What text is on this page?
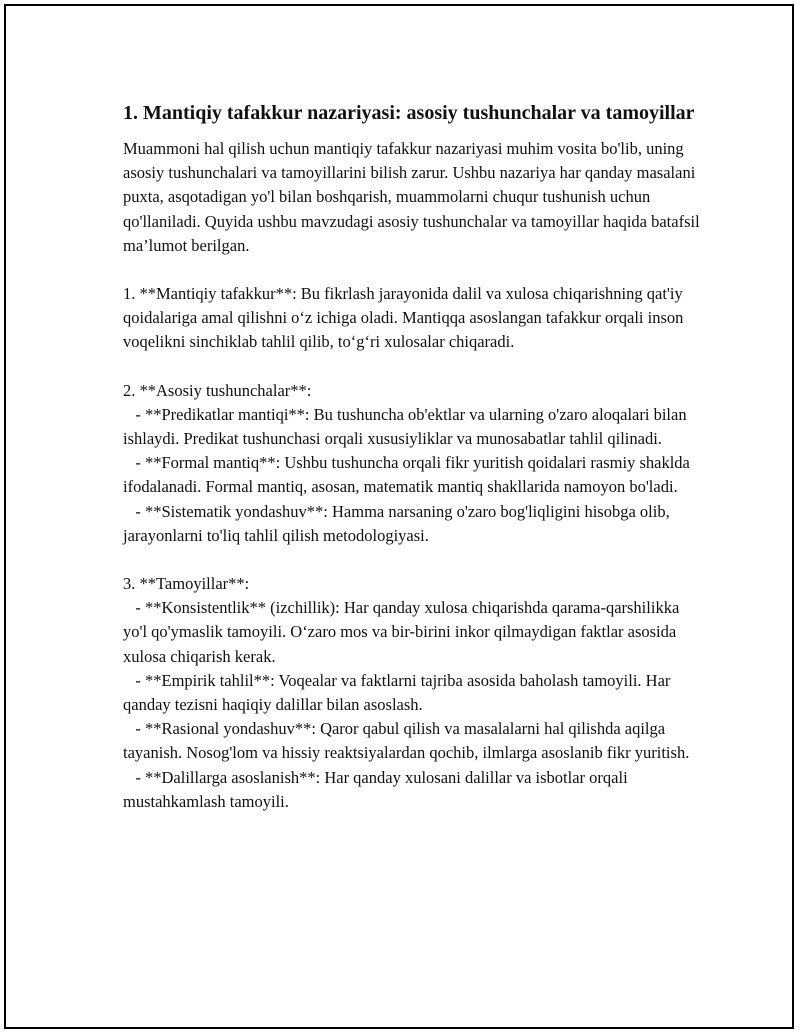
1. Mantiqiy tafakkur nazariyasi: asosiy tushunchalar va tamoyillar

Muammoni hal qilish uchun mantiqiy tafakkur nazariyasi muhim vosita bo'lib, uning asosiy tushunchalari va tamoyillarini bilish zarur. Ushbu nazariya har qanday masalani puxta, asqotadigan yo'l bilan boshqarish, muammolarni chuqur tushunish uchun qo'llaniladi. Quyida ushbu mavzudagi asosiy tushunchalar va tamoyillar haqida batafsil ma’lumot berilgan.

1. **Mantiqiy tafakkur**: Bu fikrlash jarayonida dalil va xulosa chiqarishning qat'iy qoidalariga amal qilishni o‘z ichiga oladi. Mantiqqa asoslangan tafakkur orqali inson voqelikni sinchiklab tahlil qilib, to‘g‘ri xulosalar chiqaradi.
2. **Asosiy tushunchalar**:
- **Predikatlar mantiqi**: Bu tushuncha ob'ektlar va ularning o'zaro aloqalari bilan ishlaydi. Predikat tushunchasi orqali xususiyliklar va munosabatlar tahlil qilinadi.
- **Formal mantiq**: Ushbu tushuncha orqali fikr yuritish qoidalari rasmiy shaklda ifodalanadi. Formal mantiq, asosan, matematik mantiq shakllarida namoyon bo'ladi.
- **Sistematik yondashuv**: Hamma narsaning o'zaro bog'liqligini hisobga olib, jarayonlarni to'liq tahlil qilish metodologiyasi.
3. **Tamoyillar**:
- **Konsistentlik** (izchillik): Har qanday xulosa chiqarishda qarama-qarshilikka yo'l qo'ymaslik tamoyili. O‘zaro mos va bir-birini inkor qilmaydigan faktlar asosida xulosa chiqarish kerak.
- **Empirik tahlil**: Voqealar va faktlarni tajriba asosida baholash tamoyili. Har qanday tezisni haqiqiy dalillar bilan asoslash.
- **Rasional yondashuv**: Qaror qabul qilish va masalalarni hal qilishda aqilga tayanish. Nosog'lom va hissiy reaktsiyalardan qochib, ilmlarga asoslanib fikr yuritish.
- **Dalillarga asoslanish**: Har qanday xulosani dalillar va isbotlar orqali mustahkamlash tamoyili.
